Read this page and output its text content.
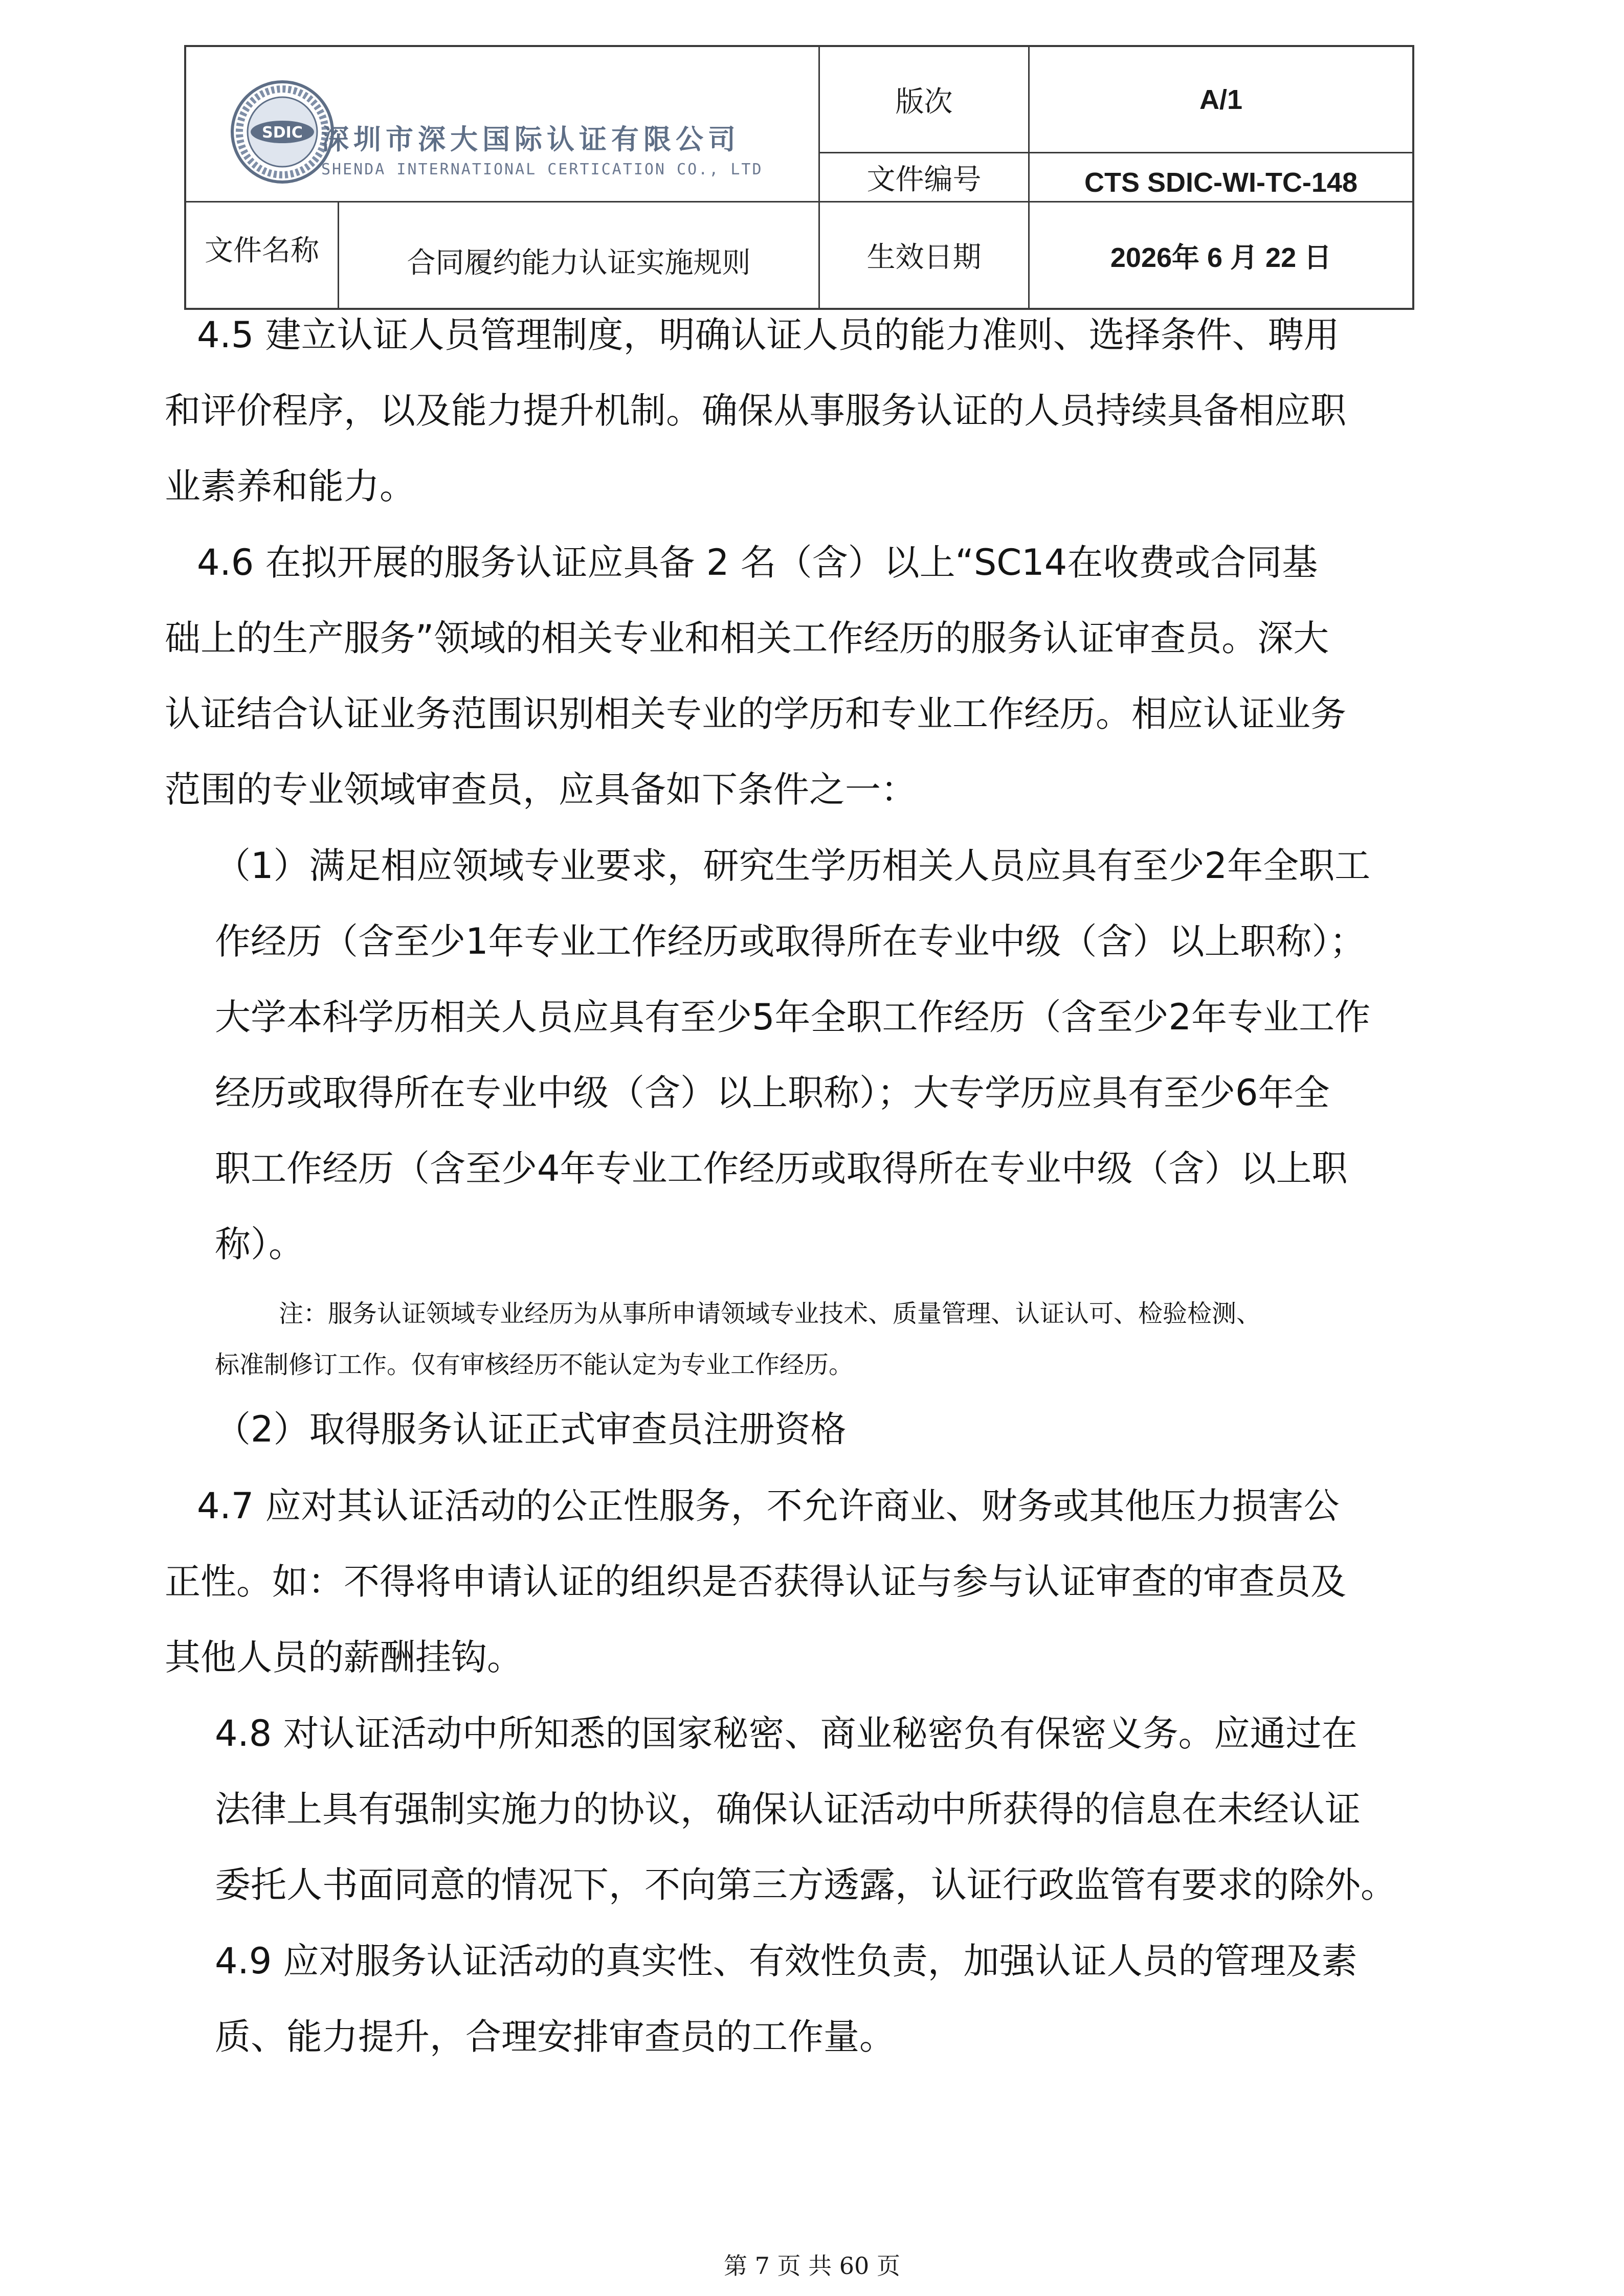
SDIC 深圳市深大国际认证有限公司
SHENDA INTERNATIONAL CERTICATION CO., LTD
版次	A/1
文件编号	CTS SDIC-WI-TC-148
文件名称	合同履约能力认证实施规则	生效日期	2026年 6 月 22 日
4.5 建立认证人员管理制度，明确认证人员的能力准则、选择条件、聘用
和评价程序，以及能力提升机制。确保从事服务认证的人员持续具备相应职
业素养和能力。
4.6 在拟开展的服务认证应具备 2 名（含）以上“SC14在收费或合同基
础上的生产服务”领域的相关专业和相关工作经历的服务认证审查员。深大
认证结合认证业务范围识别相关专业的学历和专业工作经历。相应认证业务
范围的专业领域审查员，应具备如下条件之一：
（1）满足相应领域专业要求，研究生学历相关人员应具有至少2年全职工
作经历（含至少1年专业工作经历或取得所在专业中级（含）以上职称）；
大学本科学历相关人员应具有至少5年全职工作经历（含至少2年专业工作
经历或取得所在专业中级（含）以上职称）；大专学历应具有至少6年全
职工作经历（含至少4年专业工作经历或取得所在专业中级（含）以上职
称）。
注：服务认证领域专业经历为从事所申请领域专业技术、质量管理、认证认可、检验检测、
标准制修订工作。仅有审核经历不能认定为专业工作经历。
（2）取得服务认证正式审查员注册资格
4.7 应对其认证活动的公正性服务，不允许商业、财务或其他压力损害公
正性。如：不得将申请认证的组织是否获得认证与参与认证审查的审查员及
其他人员的薪酬挂钩。
4.8 对认证活动中所知悉的国家秘密、商业秘密负有保密义务。应通过在
法律上具有强制实施力的协议，确保认证活动中所获得的信息在未经认证
委托人书面同意的情况下，不向第三方透露，认证行政监管有要求的除外。
4.9 应对服务认证活动的真实性、有效性负责，加强认证人员的管理及素
质、能力提升，合理安排审查员的工作量。
第 7 页 共 60 页
